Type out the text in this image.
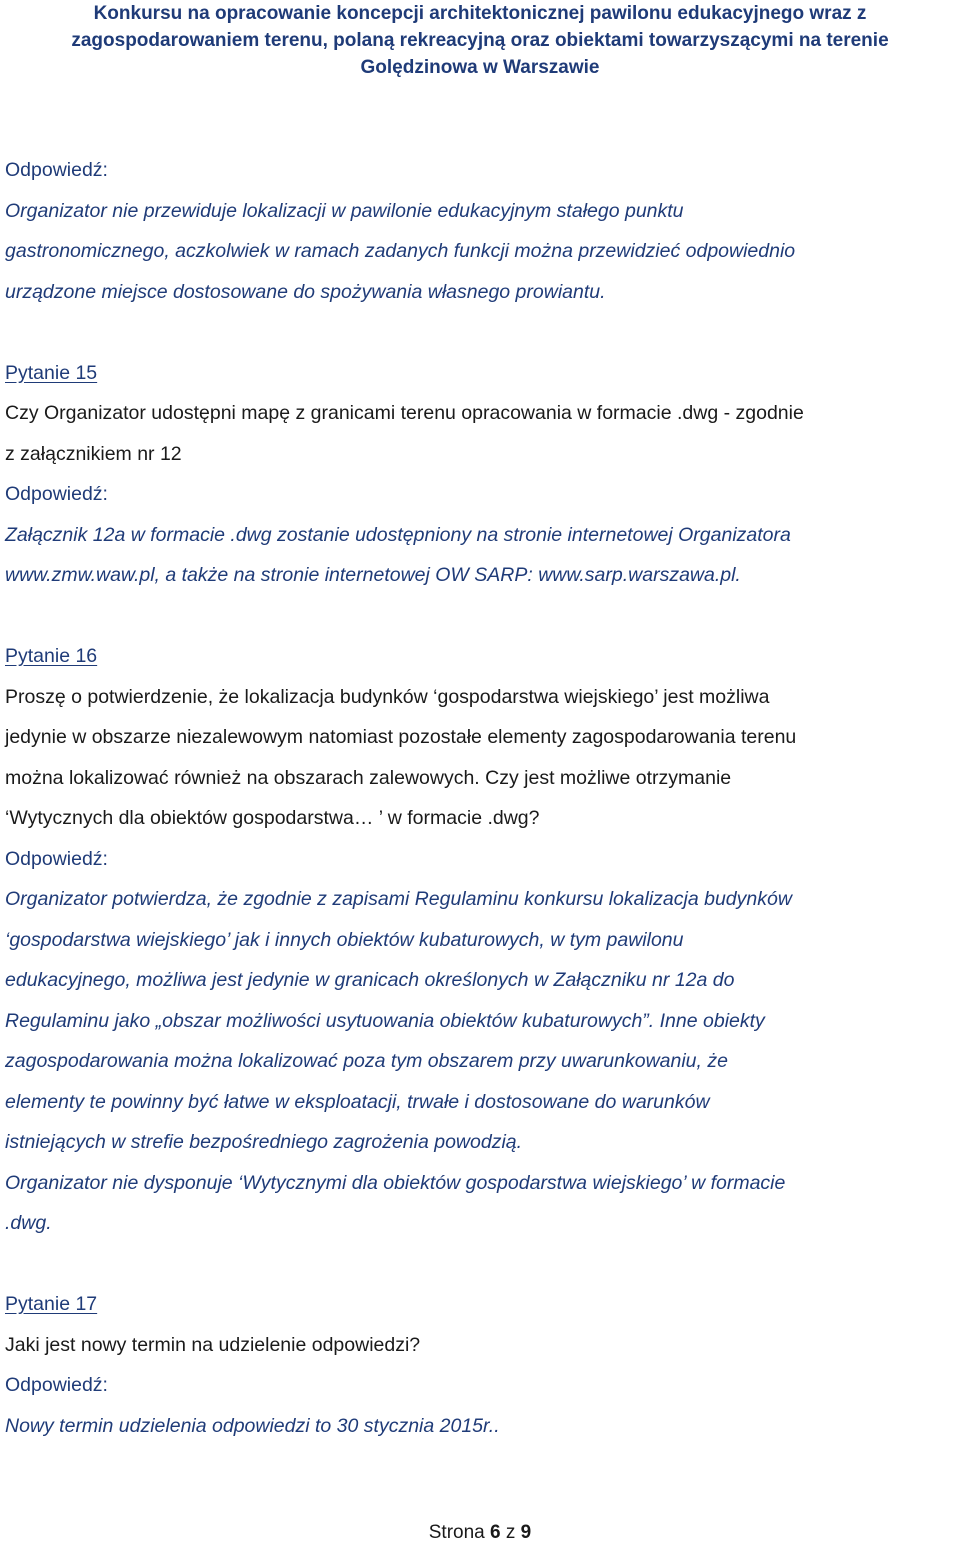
Konkursu na opracowanie koncepcji architektonicznej pawilonu edukacyjnego wraz z
zagospodarowaniem terenu, polaną rekreacyjną oraz obiektami towarzyszącymi na terenie
Golędzinowa w Warszawie

Odpowiedź:

Organizator nie przewiduje lokalizacji w pawilonie edukacyjnym stałego punktu

gastronomicznego, aczkolwiek w ramach zadanych funkcji można przewidzieć odpowiednio

urządzone miejsce dostosowane do spożywania własnego prowiantu.

Pytanie 15

Czy Organizator udostępni mapę z granicami terenu opracowania w formacie .dwg - zgodnie

z załącznikiem nr 12

Odpowiedź:

Załącznik 12a w formacie .dwg zostanie udostępniony na stronie internetowej Organizatora

www.zmw.waw.pl, a także na stronie internetowej OW SARP: www.sarp.warszawa.pl.

Pytanie 16

Proszę o potwierdzenie, że lokalizacja budynków ‘gospodarstwa wiejskiego’ jest możliwa

jedynie w obszarze niezalewowym natomiast pozostałe elementy zagospodarowania terenu

można lokalizować również na obszarach zalewowych. Czy jest możliwe otrzymanie

‘Wytycznych dla obiektów gospodarstwa… ’ w formacie .dwg?

Odpowiedź:

Organizator potwierdza, że zgodnie z zapisami Regulaminu konkursu lokalizacja budynków

‘gospodarstwa wiejskiego’ jak i innych obiektów kubaturowych, w tym pawilonu

edukacyjnego, możliwa jest jedynie w granicach określonych w Załączniku nr 12a do

Regulaminu jako „obszar możliwości usytuowania obiektów kubaturowych”. Inne obiekty

zagospodarowania można lokalizować poza tym obszarem przy uwarunkowaniu, że

elementy te powinny być łatwe w eksploatacji, trwałe i dostosowane do warunków

istniejących w strefie bezpośredniego zagrożenia powodzią.

Organizator nie dysponuje ‘Wytycznymi dla obiektów gospodarstwa wiejskiego’ w formacie

.dwg.

Pytanie 17

Jaki jest nowy termin na udzielenie odpowiedzi?

Odpowiedź:

Nowy termin udzielenia odpowiedzi to 30 stycznia 2015r..

Strona 6 z 9
